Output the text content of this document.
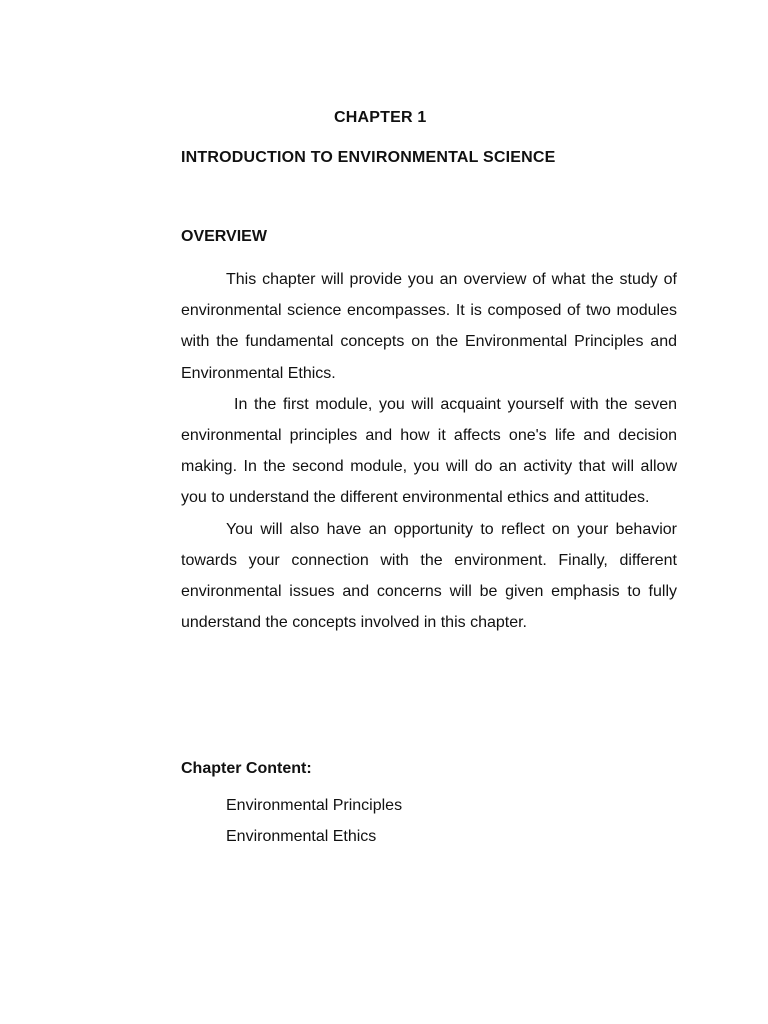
CHAPTER 1
INTRODUCTION TO ENVIRONMENTAL SCIENCE
OVERVIEW

This chapter will provide you an overview of what the study of environmental science encompasses. It is composed of two modules with the fundamental concepts on the Environmental Principles and Environmental Ethics.

In the first module, you will acquaint yourself with the seven environmental principles and how it affects one's life and decision making. In the second module, you will do an activity that will allow you to understand the different environmental ethics and attitudes.

You will also have an opportunity to reflect on your behavior towards your connection with the environment. Finally, different environmental issues and concerns will be given emphasis to fully understand the concepts involved in this chapter.

Chapter Content:
Environmental Principles
Environmental Ethics
